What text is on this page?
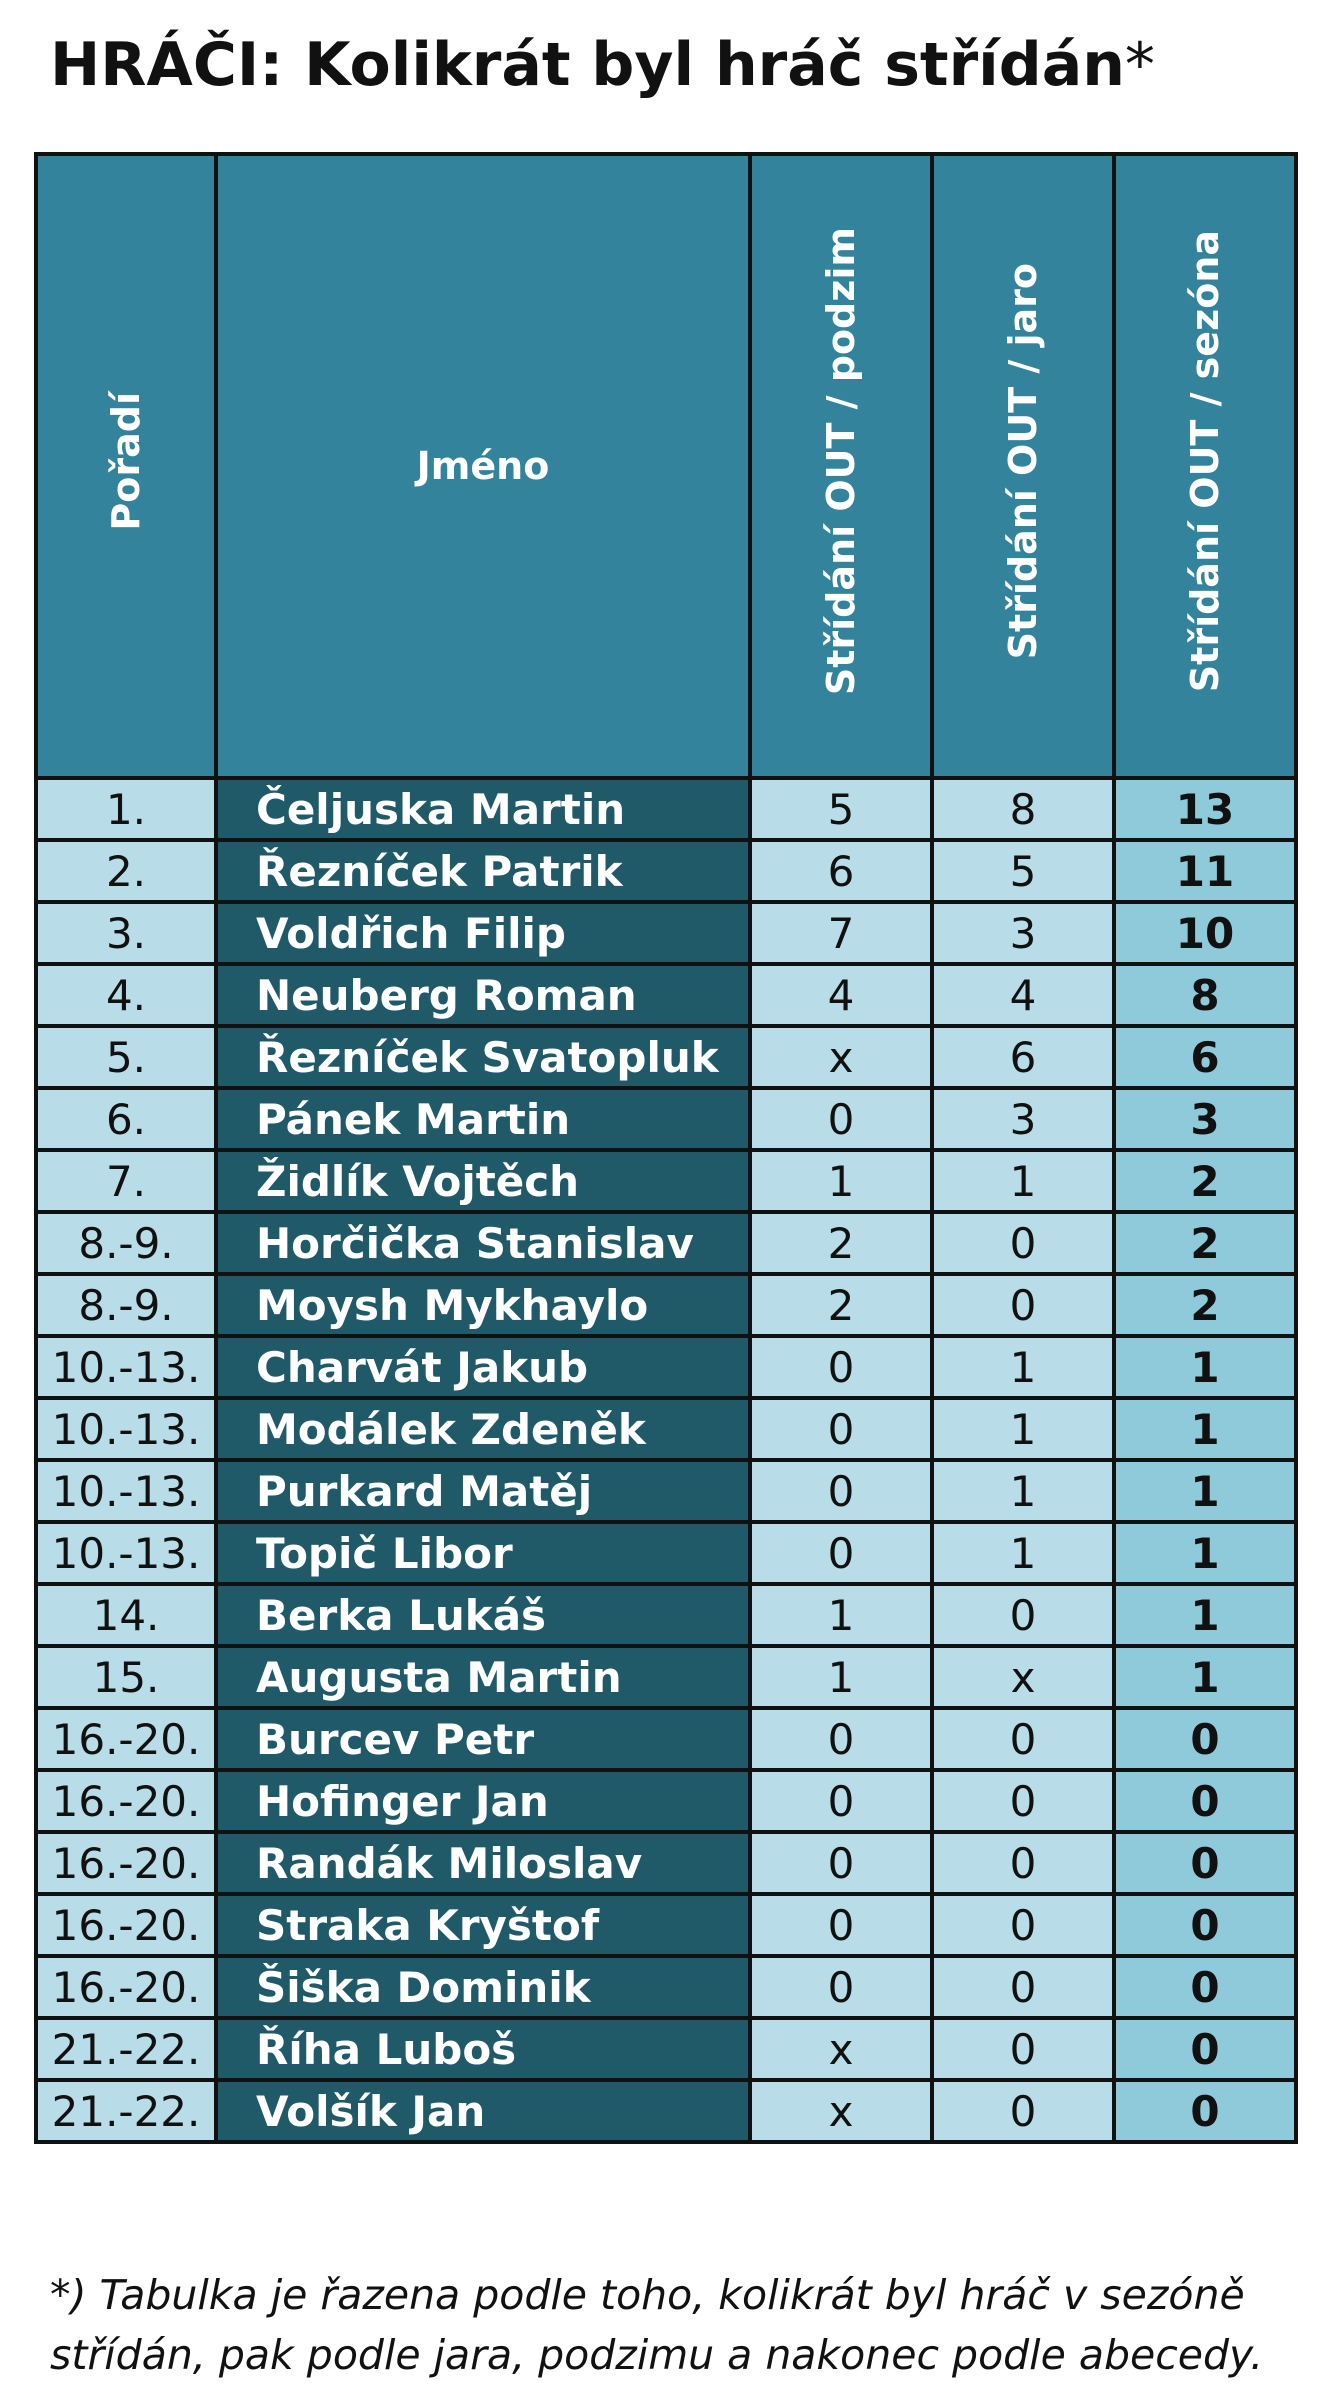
HRÁČI: Kolikrát byl hráč střídán *
Pořadí	Jméno	Střídání OUT / podzim	Střídání OUT / jaro	Střídání OUT / sezóna
1.	Čeljuska Martin	5	8	13
2.	Řezníček Patrik	6	5	11
3.	Voldřich Filip	7	3	10
4.	Neuberg Roman	4	4	8
5.	Řezníček Svatopluk	x	6	6
6.	Pánek Martin	0	3	3
7.	Židlík Vojtěch	1	1	2
8.-9.	Horčička Stanislav	2	0	2
8.-9.	Moysh Mykhaylo	2	0	2
10.-13.	Charvát Jakub	0	1	1
10.-13.	Modálek Zdeněk	0	1	1
10.-13.	Purkard Matěj	0	1	1
10.-13.	Topič Libor	0	1	1
14.	Berka Lukáš	1	0	1
15.	Augusta Martin	1	x	1
16.-20.	Burcev Petr	0	0	0
16.-20.	Hofinger Jan	0	0	0
16.-20.	Randák Miloslav	0	0	0
16.-20.	Straka Kryštof	0	0	0
16.-20.	Šiška Dominik	0	0	0
21.-22.	Říha Luboš	x	0	0
21.-22.	Volšík Jan	x	0	0
*) Tabulka je řazena podle toho, kolikrát byl hráč v sezóně
střídán, pak podle jara, podzimu a nakonec podle abecedy.
